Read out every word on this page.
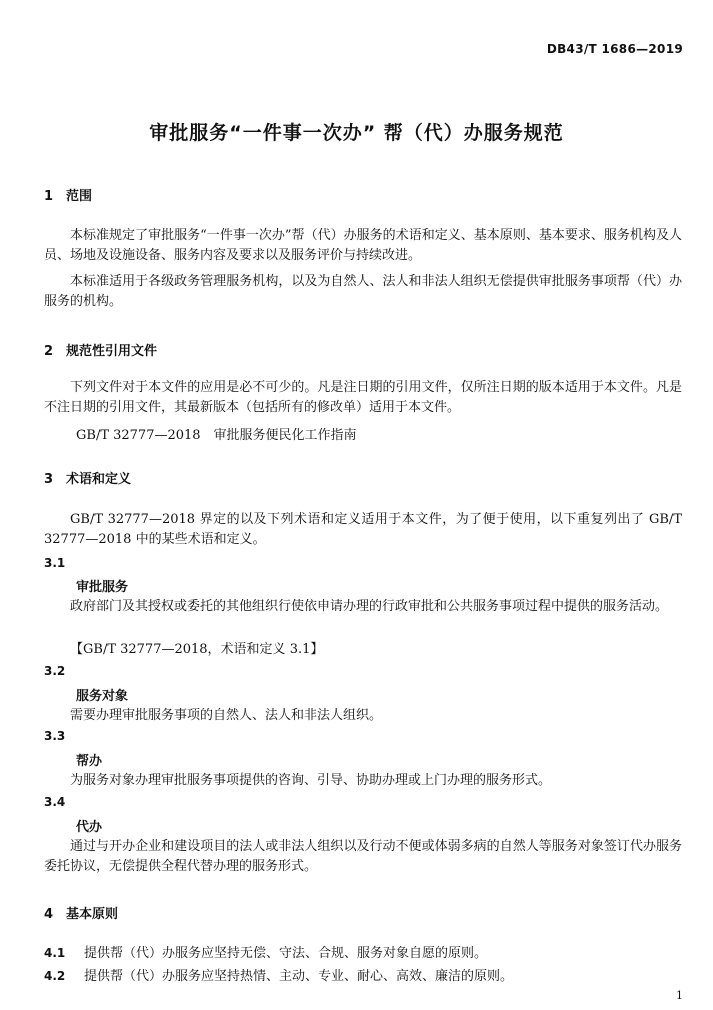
DB43/T 1686—2019
审批服务“一件事一次办” 帮（代）办服务规范
1 范围
本标准规定了审批服务“一件事一次办”帮（代）办服务的术语和定义、基本原则、基本要求、服务机构及人员、场地及设施设备、服务内容及要求以及服务评价与持续改进。
本标准适用于各级政务管理服务机构，以及为自然人、法人和非法人组织无偿提供审批服务事项帮（代）办服务的机构。
2 规范性引用文件
下列文件对于本文件的应用是必不可少的。凡是注日期的引用文件，仅所注日期的版本适用于本文件。凡是不注日期的引用文件，其最新版本（包括所有的修改单）适用于本文件。
GB/T 32777—2018　审批服务便民化工作指南
3 术语和定义
GB/T 32777—2018 界定的以及下列术语和定义适用于本文件，为了便于使用，以下重复列出了 GB/T 32777—2018 中的某些术语和定义。
3.1
审批服务
政府部门及其授权或委托的其他组织行使依申请办理的行政审批和公共服务事项过程中提供的服务活动。
【GB/T 32777—2018，术语和定义 3.1】
3.2
服务对象
需要办理审批服务事项的自然人、法人和非法人组织。
3.3
帮办
为服务对象办理审批服务事项提供的咨询、引导、协助办理或上门办理的服务形式。
3.4
代办
通过与开办企业和建设项目的法人或非法人组织以及行动不便或体弱多病的自然人等服务对象签订代办服务委托协议，无偿提供全程代替办理的服务形式。
4 基本原则
4.1 提供帮（代）办服务应坚持无偿、守法、合规、服务对象自愿的原则。
4.2 提供帮（代）办服务应坚持热情、主动、专业、耐心、高效、廉洁的原则。
1
